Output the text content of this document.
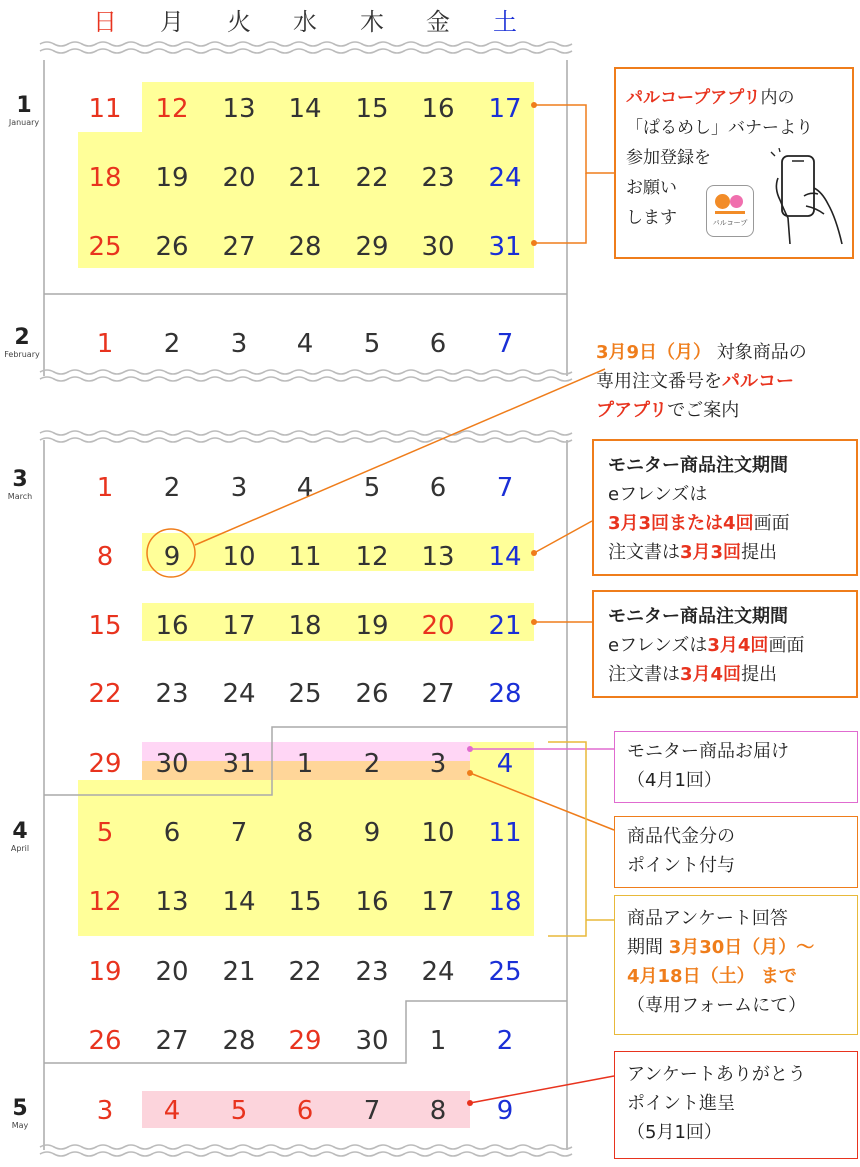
11 12 13 14 15 16 17
18 19 20 21 22 23 24
25 26 27 28 29 30 31
1 2 3 4 5 6 7
1 2 3 4 5 6 7
8 9 10 11 12 13 14
15 16 17 18 19 20 21
22 23 24 25 26 27 28
29 30 31 1 2 3 4
5 6 7 8 9 10 11
12 13 14 15 16 17 18
19 20 21 22 23 24 25
26 27 28 29 30 1 2
3 4 5 6 7 8 9
日	月	火	水	木	金	土
1
January
2
February
3
March
4
April
5
May
パルコープアプリ内の
「ぱるめし」バナーより
参加登録を
お願い
します	パルコープ
3月9日（月） 対象商品の
専用注文番号をパルコー
プアプリでご案内
モニター商品注文期間
eフレンズは
3月3回または4回画面
注文書は3月3回提出
モニター商品注文期間
eフレンズは3月4回画面
注文書は3月4回提出
モニター商品お届け
（4月1回）
商品代金分の
ポイント付与
商品アンケート回答
期間 3月30日（月）～
4月18日（土） まで
（専用フォームにて）
アンケートありがとう
ポイント進呈
（5月1回）
